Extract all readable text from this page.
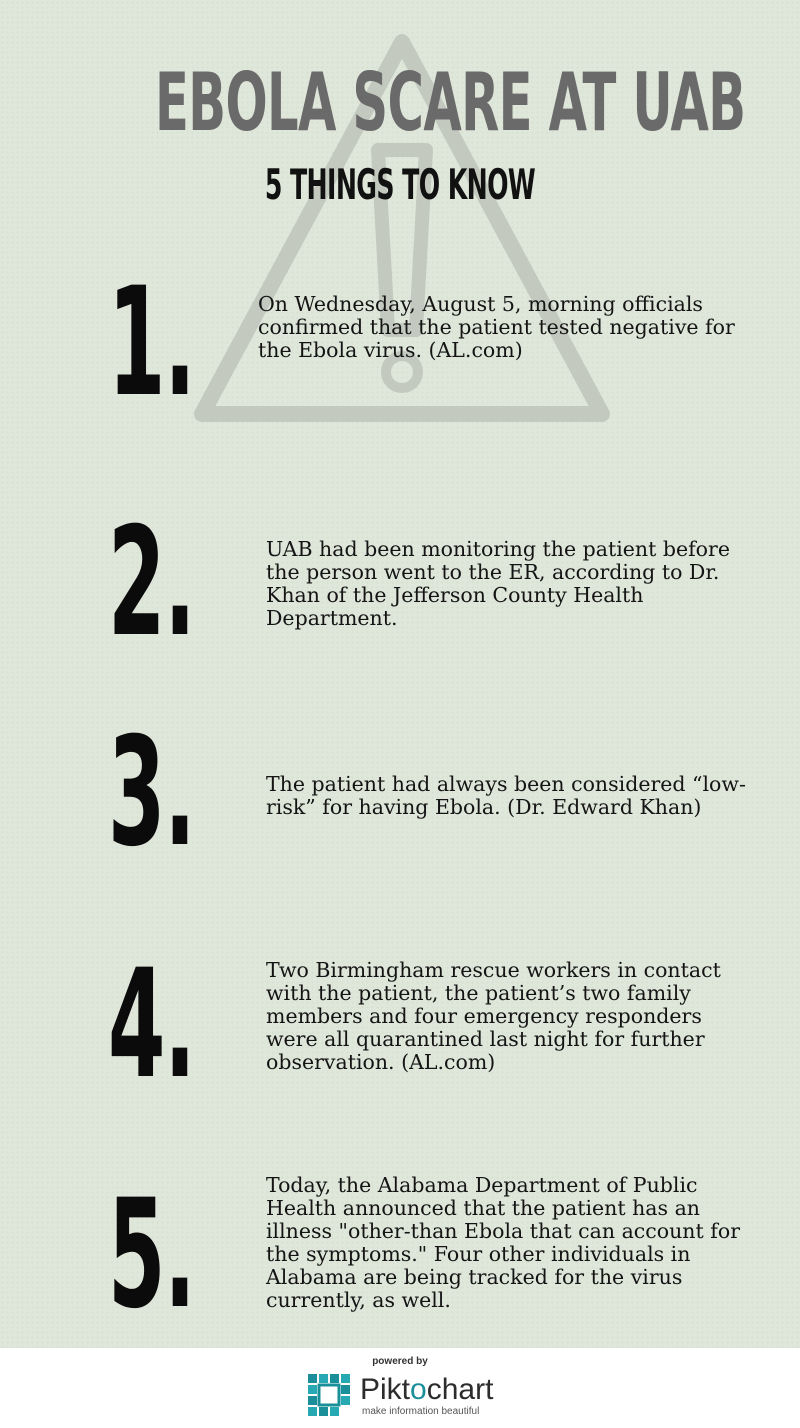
EBOLA SCARE AT UAB
5 THINGS TO KNOW
1.	On Wednesday, August 5, morning officials confirmed that the patient tested negative for the Ebola virus. (AL.com)
2.	UAB had been monitoring the patient before the person went to the ER, according to Dr. Khan of the Jefferson County Health Department.
3.	The patient had always been considered “low-risk” for having Ebola. (Dr. Edward Khan)
4.	Two Birmingham rescue workers in contact with the patient, the patient’s two family members and four emergency responders were all quarantined last night for further observation. (AL.com)
5.	Today, the Alabama Department of Public Health announced that the patient has an illness "other-than Ebola that can account for the symptoms." Four other individuals in Alabama are being tracked for the virus currently, as well.
powered by
Piktochart
make information beautiful
